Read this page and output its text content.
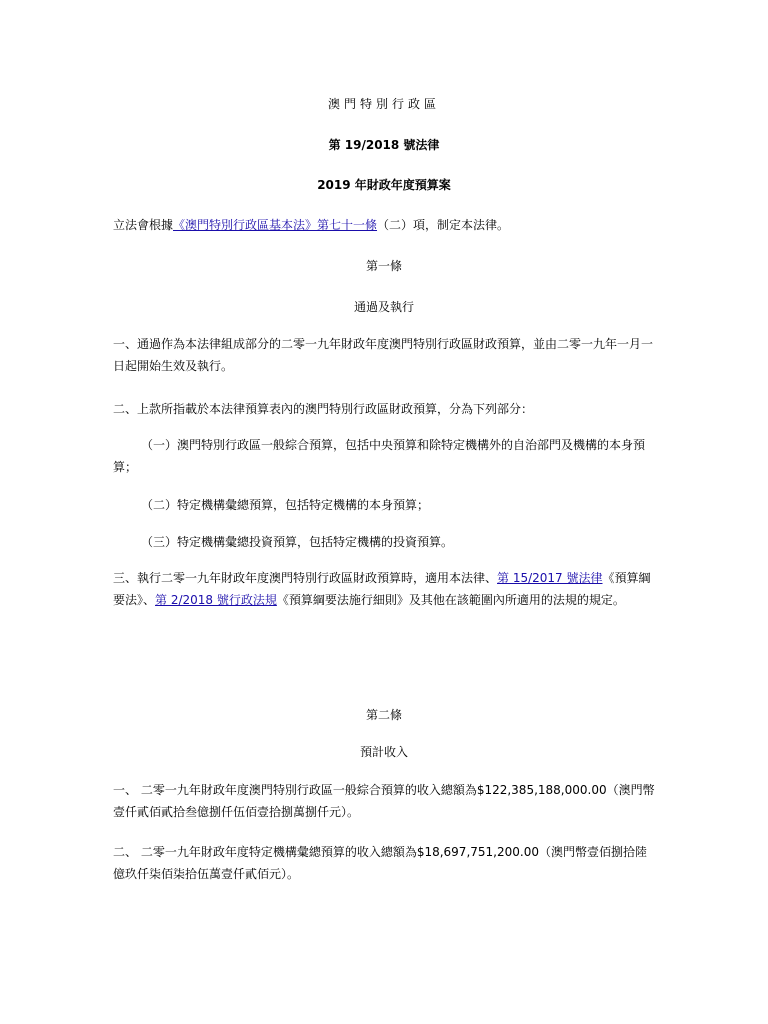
澳門特別行政區
第 19/2018 號法律
2019 年財政年度預算案
立法會根據《澳門特別行政區基本法》第七十一條（二）項，制定本法律。
第一條
通過及執行
一、通過作為本法律組成部分的二零一九年財政年度澳門特別行政區財政預算，並由二零一九年一月一日起開始生效及執行。
二、上款所指載於本法律預算表內的澳門特別行政區財政預算，分為下列部分：
（一）澳門特別行政區一般綜合預算，包括中央預算和除特定機構外的自治部門及機構的本身預算；
（二）特定機構彙總預算，包括特定機構的本身預算；
（三）特定機構彙總投資預算，包括特定機構的投資預算。
三、執行二零一九年財政年度澳門特別行政區財政預算時，適用本法律、第 15/2017 號法律《預算綱要法》、第 2/2018 號行政法規《預算綱要法施行細則》及其他在該範圍內所適用的法規的規定。
第二條
預計收入
一、 二零一九年財政年度澳門特別行政區一般綜合預算的收入總額為$122,385,188,000.00（澳門幣壹仟貳佰貳拾叁億捌仟伍佰壹拾捌萬捌仟元）。
二、 二零一九年財政年度特定機構彙總預算的收入總額為$18,697,751,200.00（澳門幣壹佰捌拾陸億玖仟柒佰柒拾伍萬壹仟貳佰元）。
